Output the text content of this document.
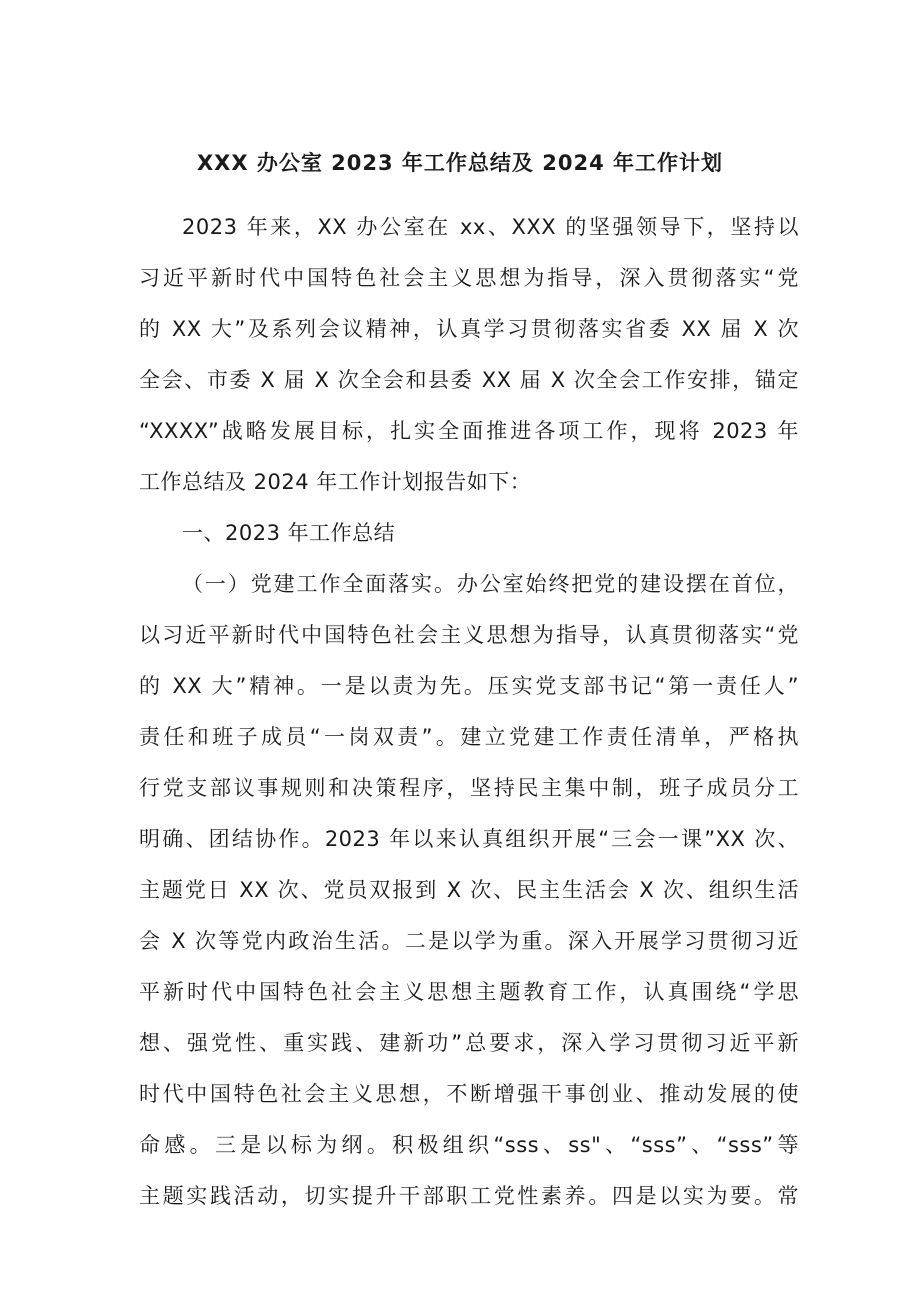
XXX 办公室 2023 年工作总结及 2024 年工作计划
2023 年来，XX 办公室在 xx、XXX 的坚强领导下，坚持以
习近平新时代中国特色社会主义思想为指导，深入贯彻落实“党
的 XX 大”及系列会议精神，认真学习贯彻落实省委 XX 届 X 次
全会、市委 X 届 X 次全会和县委 XX 届 X 次全会工作安排，锚定
“XXXX”战略发展目标，扎实全面推进各项工作，现将 2023 年
工作总结及 2024 年工作计划报告如下：
一、2023 年工作总结
（一）党建工作全面落实。办公室始终把党的建设摆在首位，
以习近平新时代中国特色社会主义思想为指导，认真贯彻落实“党
的 XX 大”精神。一是以责为先。压实党支部书记“第一责任人”
责任和班子成员“一岗双责”。建立党建工作责任清单，严格执
行党支部议事规则和决策程序，坚持民主集中制，班子成员分工
明确、团结协作。2023 年以来认真组织开展“三会一课”XX 次、
主题党日 XX 次、党员双报到 X 次、民主生活会 X 次、组织生活
会 X 次等党内政治生活。二是以学为重。深入开展学习贯彻习近
平新时代中国特色社会主义思想主题教育工作，认真围绕“学思
想、强党性、重实践、建新功”总要求，深入学习贯彻习近平新
时代中国特色社会主义思想，不断增强干事创业、推动发展的使
命感。三是以标为纲。积极组织“sss、ss"、“sss”、“sss”等
主题实践活动，切实提升干部职工党性素养。四是以实为要。常
